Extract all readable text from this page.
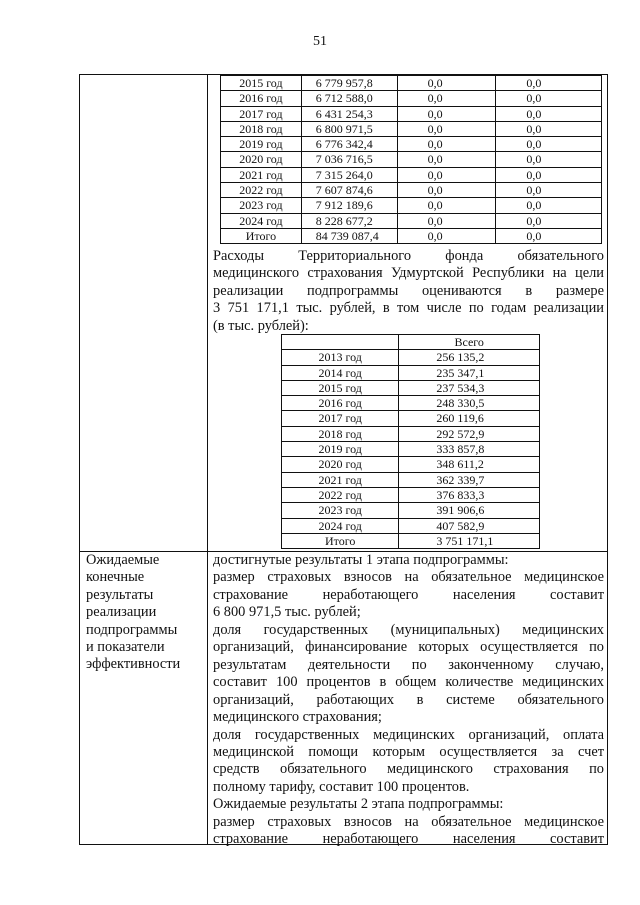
51
2015 год	6 779 957,8	0,0	0,0
2016 год	6 712 588,0	0,0	0,0
2017 год	6 431 254,3	0,0	0,0
2018 год	6 800 971,5	0,0	0,0
2019 год	6 776 342,4	0,0	0,0
2020 год	7 036 716,5	0,0	0,0
2021 год	7 315 264,0	0,0	0,0
2022 год	7 607 874,6	0,0	0,0
2023 год	7 912 189,6	0,0	0,0
2024 год	8 228 677,2	0,0	0,0
Итого	84 739 087,4	0,0	0,0
Расходы Территориального фонда обязательного
медицинского страхования Удмуртской Республики на цели
реализации подпрограммы оцениваются в размере
3 751 171,1 тыс. рублей, в том числе по годам реализации
(в тыс. рублей):
	Всего
2013 год	256 135,2
2014 год	235 347,1
2015 год	237 534,3
2016 год	248 330,5
2017 год	260 119,6
2018 год	292 572,9
2019 год	333 857,8
2020 год	348 611,2
2021 год	362 339,7
2022 год	376 833,3
2023 год	391 906,6
2024 год	407 582,9
Итого	3 751 171,1
Ожидаемые
конечные
результаты
реализации
подпрограммы
и показатели
эффективности
достигнутые результаты 1 этапа подпрограммы:
размер страховых взносов на обязательное медицинское
страхование неработающего населения составит
6 800 971,5 тыс. рублей;
доля государственных (муниципальных) медицинских
организаций, финансирование которых осуществляется по
результатам деятельности по законченному случаю,
составит 100 процентов в общем количестве медицинских
организаций, работающих в системе обязательного
медицинского страхования;
доля государственных медицинских организаций, оплата
медицинской помощи которым осуществляется за счет
средств обязательного медицинского страхования по
полному тарифу, составит 100 процентов.
Ожидаемые результаты 2 этапа подпрограммы:
размер страховых взносов на обязательное медицинское
страхование неработающего населения составит
